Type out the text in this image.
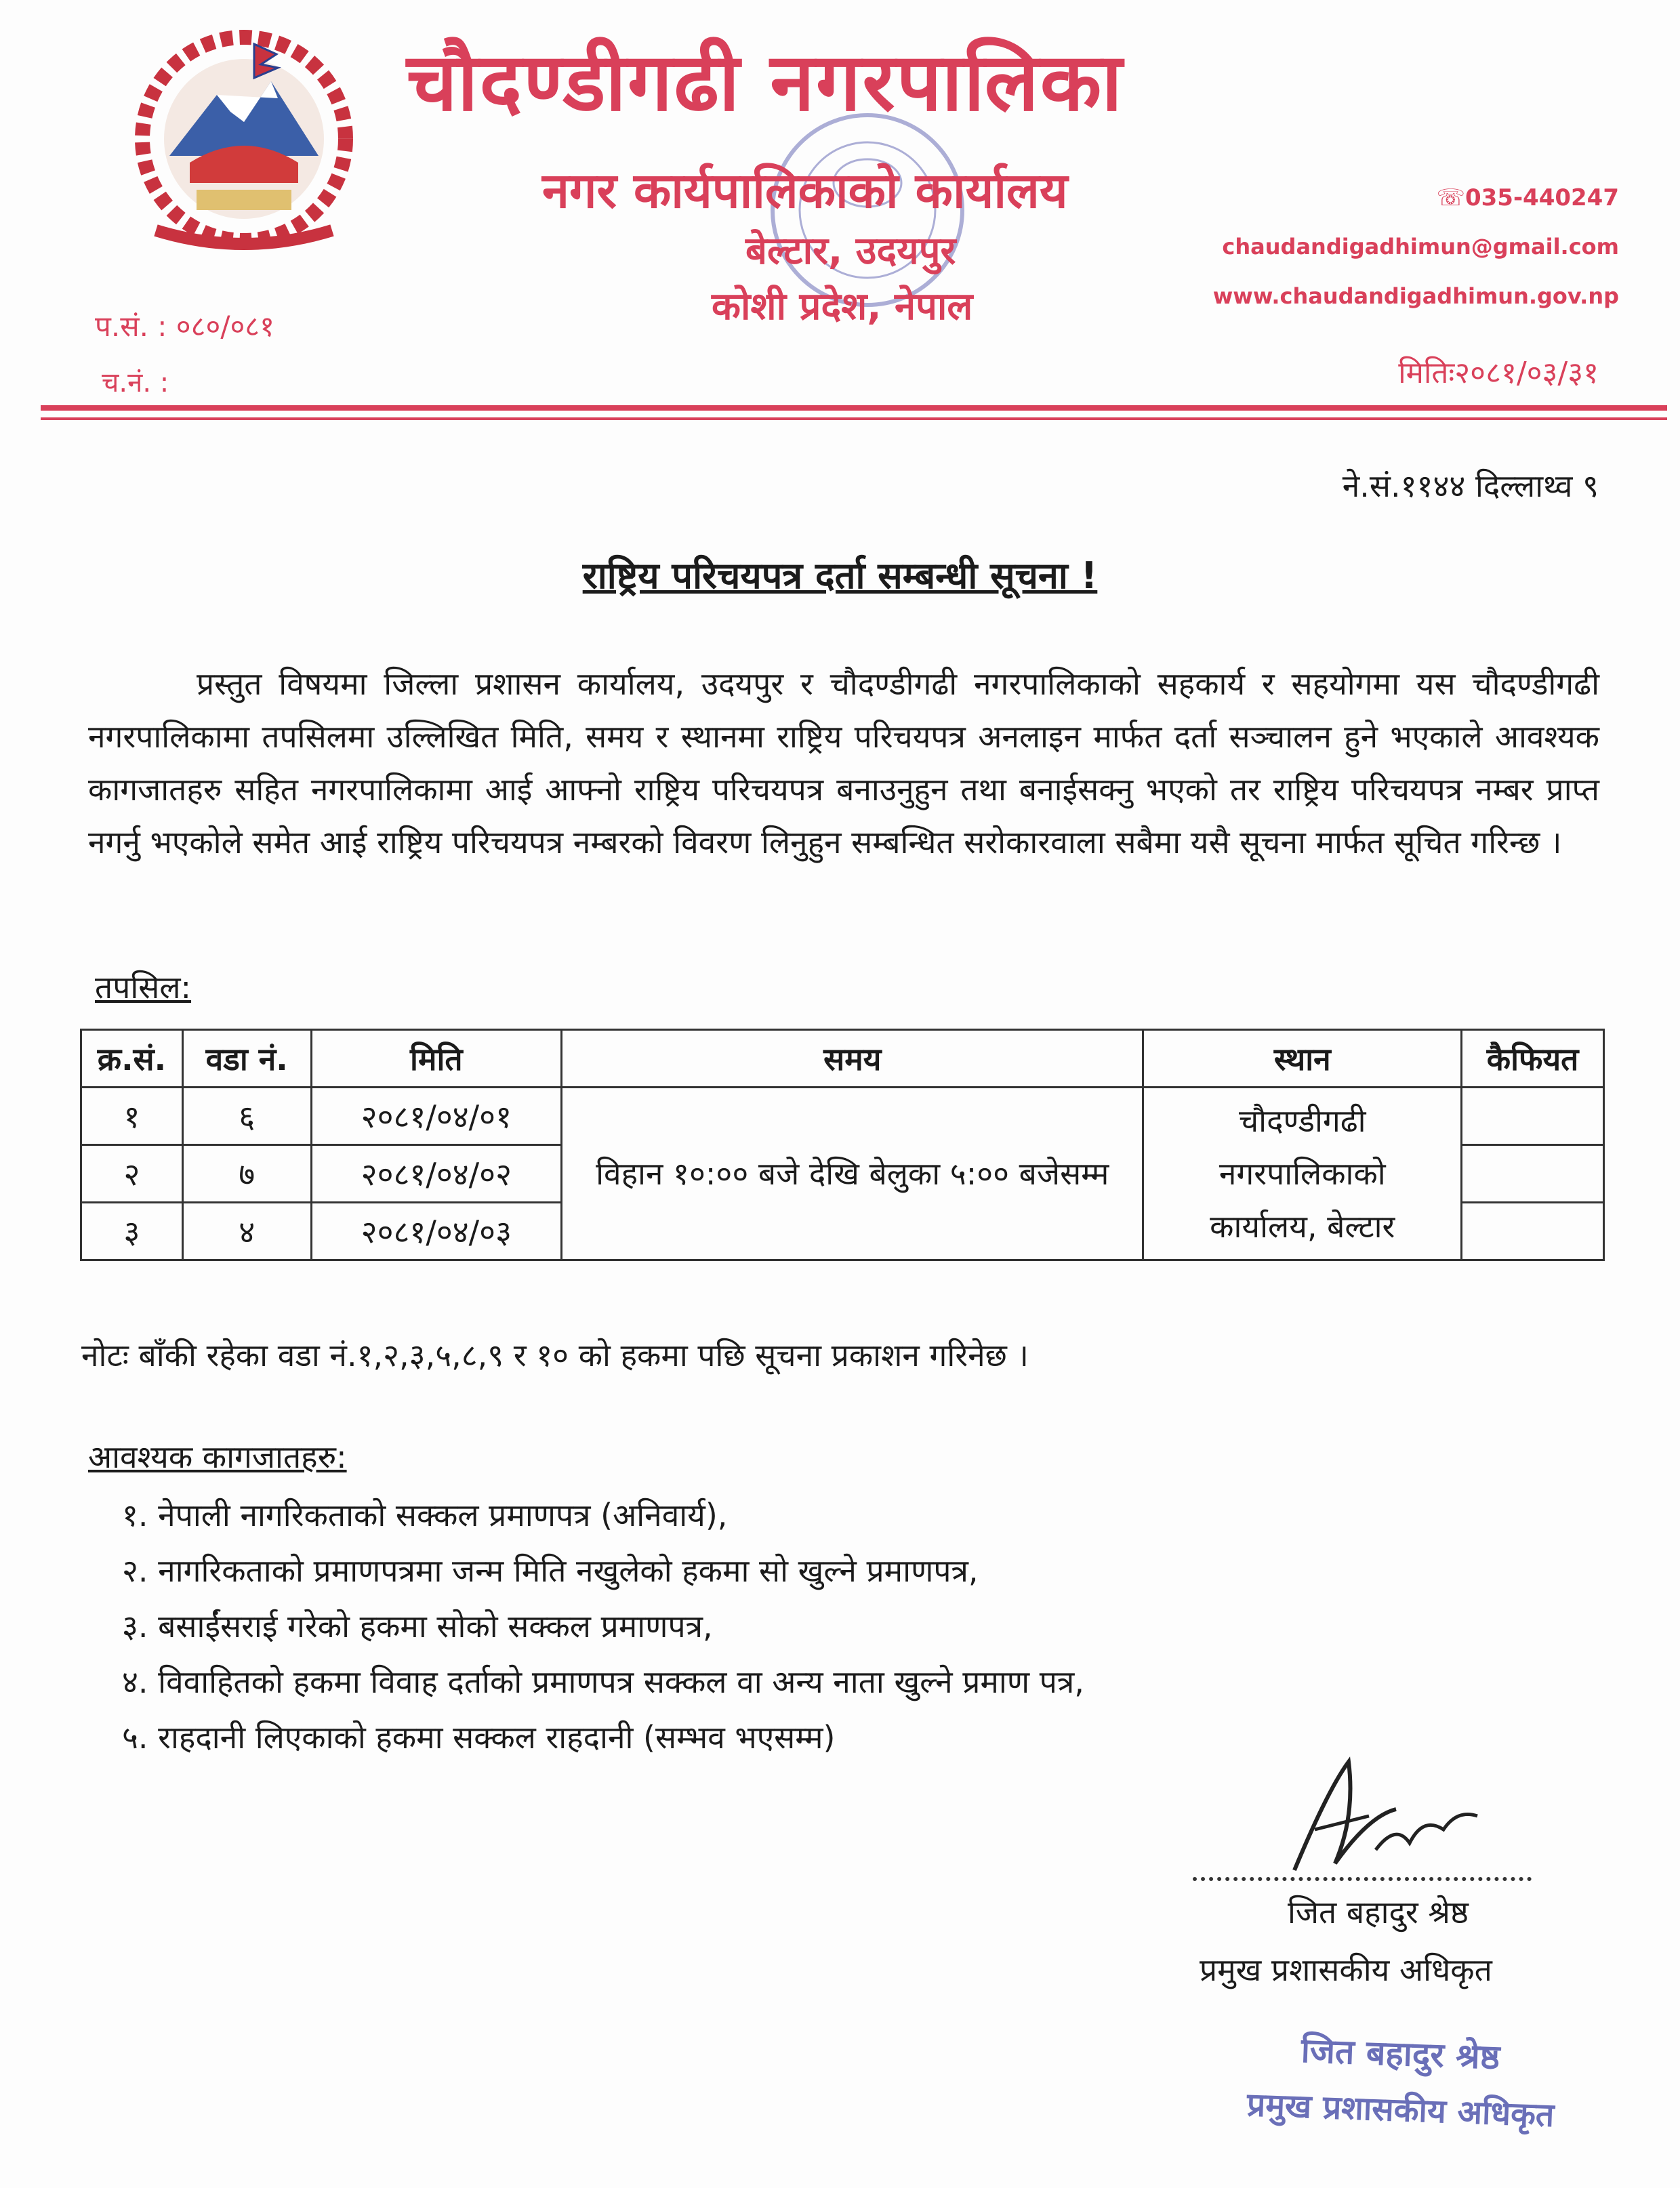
चौदण्डीगढी नगरपालिका
नगर कार्यपालिकाको कार्यालय
बेल्टार, उदयपुर
कोशी प्रदेश, नेपाल
☏035-440247
chaudandigadhimun@gmail.com
www.chaudandigadhimun.gov.np
प.सं. : ०८०/०८१
च.नं. :	मितिः२०८१/०३/३१
ने.सं.११४४ दिल्लाथ्व ९
राष्ट्रिय परिचयपत्र दर्ता सम्बन्धी सूचना !
प्रस्तुत विषयमा जिल्ला प्रशासन कार्यालय, उदयपुर र चौदण्डीगढी नगरपालिकाको सहकार्य र सहयोगमा यस चौदण्डीगढी नगरपालिकामा तपसिलमा उल्लिखित मिति, समय र स्थानमा राष्ट्रिय परिचयपत्र अनलाइन मार्फत दर्ता सञ्चालन हुने भएकाले आवश्यक कागजातहरु सहित नगरपालिकामा आई आफ्नो राष्ट्रिय परिचयपत्र बनाउनुहुन तथा बनाईसक्नु भएको तर राष्ट्रिय परिचयपत्र नम्बर प्राप्त नगर्नु भएकोले समेत आई राष्ट्रिय परिचयपत्र नम्बरको विवरण लिनुहुन सम्बन्धित सरोकारवाला सबैमा यसै सूचना मार्फत सूचित गरिन्छ ।
तपसिल:
क्र.सं.	वडा नं.	मिति	समय	स्थान	कैफियत
१	६	२०८१/०४/०१	विहान १०:०० बजे देखि बेलुका ५:०० बजेसम्म	चौदण्डीगढी नगरपालिकाको कार्यालय, बेल्टार	
२	७	२०८१/०४/०२			
३	४	२०८१/०४/०३			
नोटः बाँकी रहेका वडा नं.१,२,३,५,८,९ र १० को हकमा पछि सूचना प्रकाशन गरिनेछ ।
आवश्यक कागजातहरु:
१. नेपाली नागरिकताको सक्कल प्रमाणपत्र (अनिवार्य),
२. नागरिकताको प्रमाणपत्रमा जन्म मिति नखुलेको हकमा सो खुल्ने प्रमाणपत्र,
३. बसाईंसराई गरेको हकमा सोको सक्कल प्रमाणपत्र,
४. विवाहितको हकमा विवाह दर्ताको प्रमाणपत्र सक्कल वा अन्य नाता खुल्ने प्रमाण पत्र,
५. राहदानी लिएकाको हकमा सक्कल राहदानी (सम्भव भएसम्म)
जित बहादुर श्रेष्ठ
प्रमुख प्रशासकीय अधिकृत
जित बहादुर श्रेष्ठ
प्रमुख प्रशासकीय अधिकृत
